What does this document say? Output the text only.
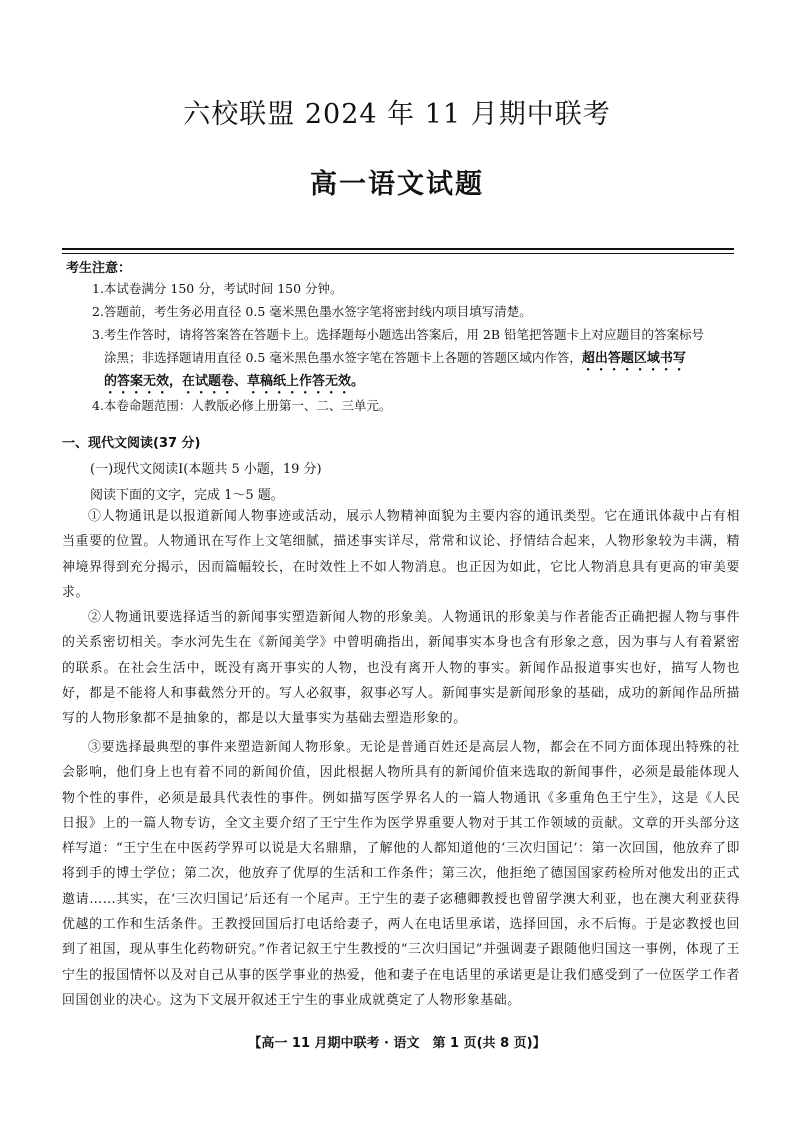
六校联盟 2024 年 11 月期中联考
高一语文试题
考生注意：
1.本试卷满分 150 分，考试时间 150 分钟。
2.答题前，考生务必用直径 0.5 毫米黑色墨水签字笔将密封线内项目填写清楚。
3.考生作答时，请将答案答在答题卡上。选择题每小题选出答案后，用 2B 铅笔把答题卡上对应题目的答案标号
涂黑；非选择题请用直径 0.5 毫米黑色墨水签字笔在答题卡上各题的答题区域内作答，超出答题区域书写
的答案无效，在试题卷、草稿纸上作答无效。
4.本卷命题范围：人教版必修上册第一、二、三单元。
一、现代文阅读(37 分)
(一)现代文阅读Ⅰ(本题共 5 小题，19 分)
阅读下面的文字，完成 1～5 题。

①人物通讯是以报道新闻人物事迹或活动，展示人物精神面貌为主要内容的通讯类型。它在通讯体裁中占有相当重要的位置。人物通讯在写作上文笔细腻，描述事实详尽，常常和议论、抒情结合起来，人物形象较为丰满，精神境界得到充分揭示，因而篇幅较长，在时效性上不如人物消息。也正因为如此，它比人物消息具有更高的审美要求。

②人物通讯要选择适当的新闻事实塑造新闻人物的形象美。人物通讯的形象美与作者能否正确把握人物与事件的关系密切相关。李水河先生在《新闻美学》中曾明确指出，新闻事实本身也含有形象之意，因为事与人有着紧密的联系。在社会生活中，既没有离开事实的人物，也没有离开人物的事实。新闻作品报道事实也好，描写人物也好，都是不能将人和事截然分开的。写人必叙事，叙事必写人。新闻事实是新闻形象的基础，成功的新闻作品所描写的人物形象都不是抽象的，都是以大量事实为基础去塑造形象的。

③要选择最典型的事件来塑造新闻人物形象。无论是普通百姓还是高层人物，都会在不同方面体现出特殊的社会影响，他们身上也有着不同的新闻价值，因此根据人物所具有的新闻价值来选取的新闻事件，必须是最能体现人物个性的事件，必须是最具代表性的事件。例如描写医学界名人的一篇人物通讯《多重角色王宁生》，这是《人民日报》上的一篇人物专访，全文主要介绍了王宁生作为医学界重要人物对于其工作领域的贡献。文章的开头部分这样写道：“王宁生在中医药学界可以说是大名鼎鼎，了解他的人都知道他的‘三次归国记’：第一次回国，他放弃了即将到手的博士学位；第二次，他放弃了优厚的生活和工作条件；第三次，他拒绝了德国国家药检所对他发出的正式邀请……其实，在‘三次归国记’后还有一个尾声。王宁生的妻子宓穗卿教授也曾留学澳大利亚，也在澳大利亚获得优越的工作和生活条件。王教授回国后打电话给妻子，两人在电话里承诺，选择回国，永不后悔。于是宓教授也回到了祖国，现从事生化药物研究。”作者记叙王宁生教授的“三次归国记”并强调妻子跟随他归国这一事例，体现了王宁生的报国情怀以及对自己从事的医学事业的热爱，他和妻子在电话里的承诺更是让我们感受到了一位医学工作者回国创业的决心。这为下文展开叙述王宁生的事业成就奠定了人物形象基础。

【高一 11 月期中联考 · 语文　第 1 页(共 8 页)】
